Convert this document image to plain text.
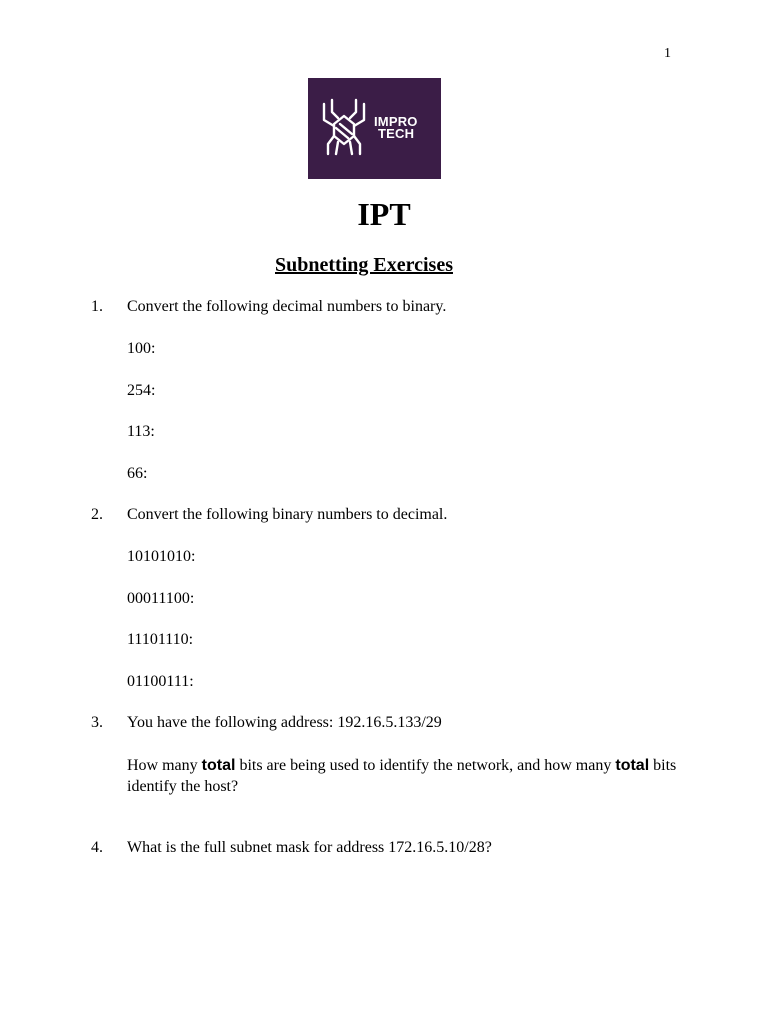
1
IMPRO
TECH
IPT
Subnetting Exercises
1. Convert the following decimal numbers to binary.
100:
254:
113:
66:
2. Convert the following binary numbers to decimal.
10101010:
00011100:
11101110:
01100111:
3. You have the following address: 192.16.5.133/29
How many total bits are being used to identify the network, and how many total bits identify the host?
4. What is the full subnet mask for address 172.16.5.10/28?
